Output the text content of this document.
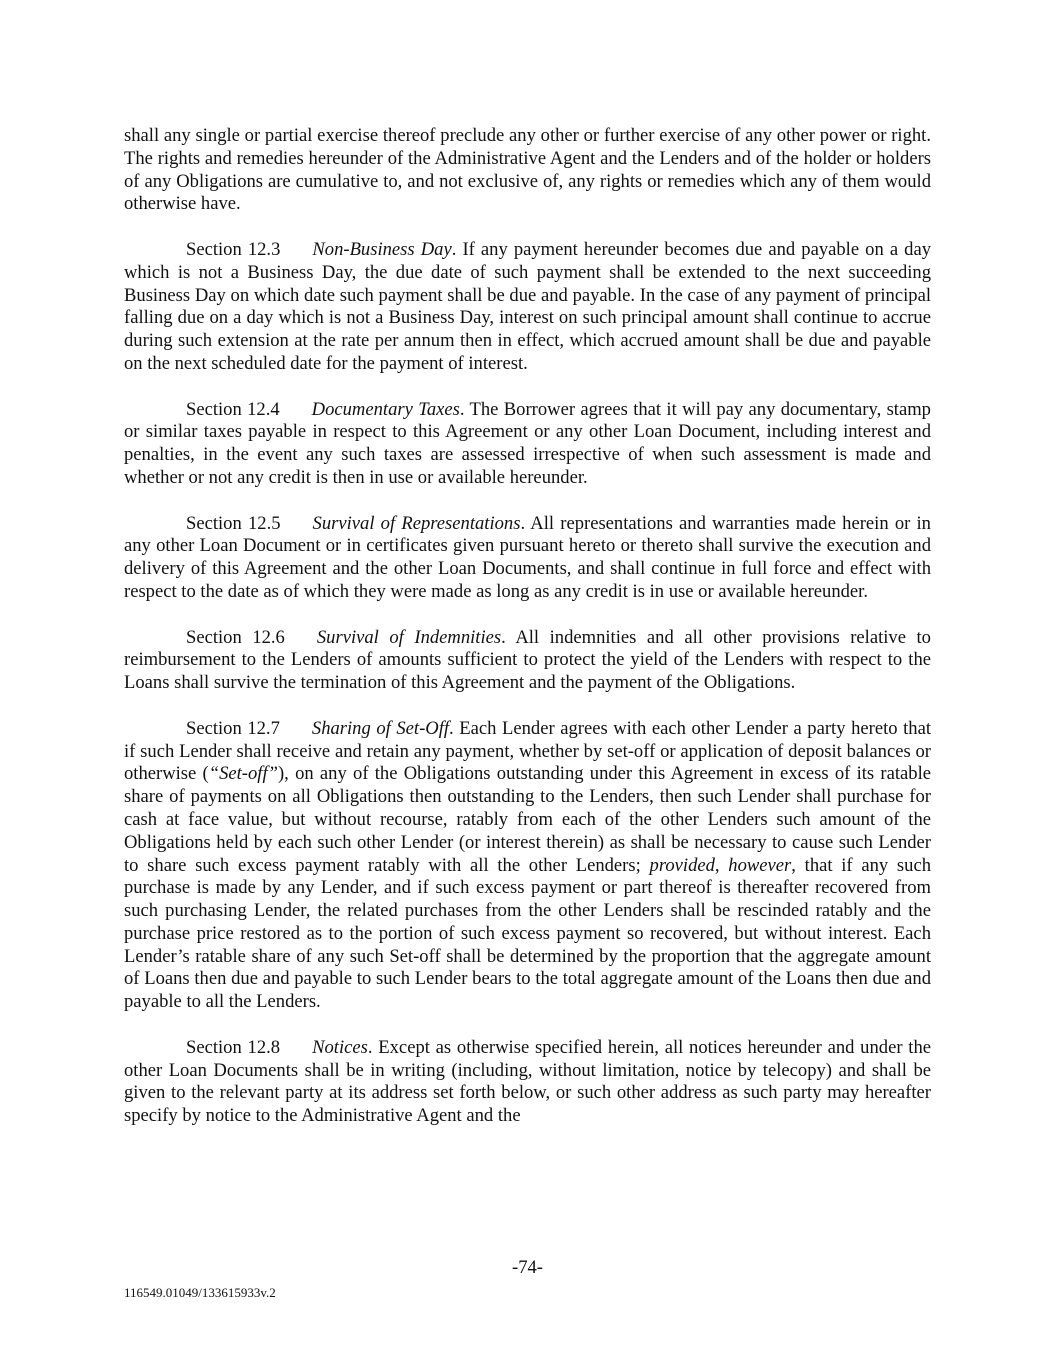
shall any single or partial exercise thereof preclude any other or further exercise of any other power or right. The rights and remedies hereunder of the Administrative Agent and the Lenders and of the holder or holders of any Obligations are cumulative to, and not exclusive of, any rights or remedies which any of them would otherwise have.

Section 12.3 Non-Business Day. If any payment hereunder becomes due and payable on a day which is not a Business Day, the due date of such payment shall be extended to the next succeeding Business Day on which date such payment shall be due and payable. In the case of any payment of principal falling due on a day which is not a Business Day, interest on such principal amount shall continue to accrue during such extension at the rate per annum then in effect, which accrued amount shall be due and payable on the next scheduled date for the payment of interest.

Section 12.4 Documentary Taxes. The Borrower agrees that it will pay any documentary, stamp or similar taxes payable in respect to this Agreement or any other Loan Document, including interest and penalties, in the event any such taxes are assessed irrespective of when such assessment is made and whether or not any credit is then in use or available hereunder.

Section 12.5 Survival of Representations. All representations and warranties made herein or in any other Loan Document or in certificates given pursuant hereto or thereto shall survive the execution and delivery of this Agreement and the other Loan Documents, and shall continue in full force and effect with respect to the date as of which they were made as long as any credit is in use or available hereunder.

Section 12.6 Survival of Indemnities. All indemnities and all other provisions relative to reimbursement to the Lenders of amounts sufficient to protect the yield of the Lenders with respect to the Loans shall survive the termination of this Agreement and the payment of the Obligations.

Section 12.7 Sharing of Set-Off. Each Lender agrees with each other Lender a party hereto that if such Lender shall receive and retain any payment, whether by set-off or application of deposit balances or otherwise (“Set-off”), on any of the Obligations outstanding under this Agreement in excess of its ratable share of payments on all Obligations then outstanding to the Lenders, then such Lender shall purchase for cash at face value, but without recourse, ratably from each of the other Lenders such amount of the Obligations held by each such other Lender (or interest therein) as shall be necessary to cause such Lender to share such excess payment ratably with all the other Lenders; provided, however, that if any such purchase is made by any Lender, and if such excess payment or part thereof is thereafter recovered from such purchasing Lender, the related purchases from the other Lenders shall be rescinded ratably and the purchase price restored as to the portion of such excess payment so recovered, but without interest. Each Lender’s ratable share of any such Set-off shall be determined by the proportion that the aggregate amount of Loans then due and payable to such Lender bears to the total aggregate amount of the Loans then due and payable to all the Lenders.

Section 12.8 Notices. Except as otherwise specified herein, all notices hereunder and under the other Loan Documents shall be in writing (including, without limitation, notice by telecopy) and shall be given to the relevant party at its address set forth below, or such other address as such party may hereafter specify by notice to the Administrative Agent and the

-74-
116549.01049/133615933v.2
